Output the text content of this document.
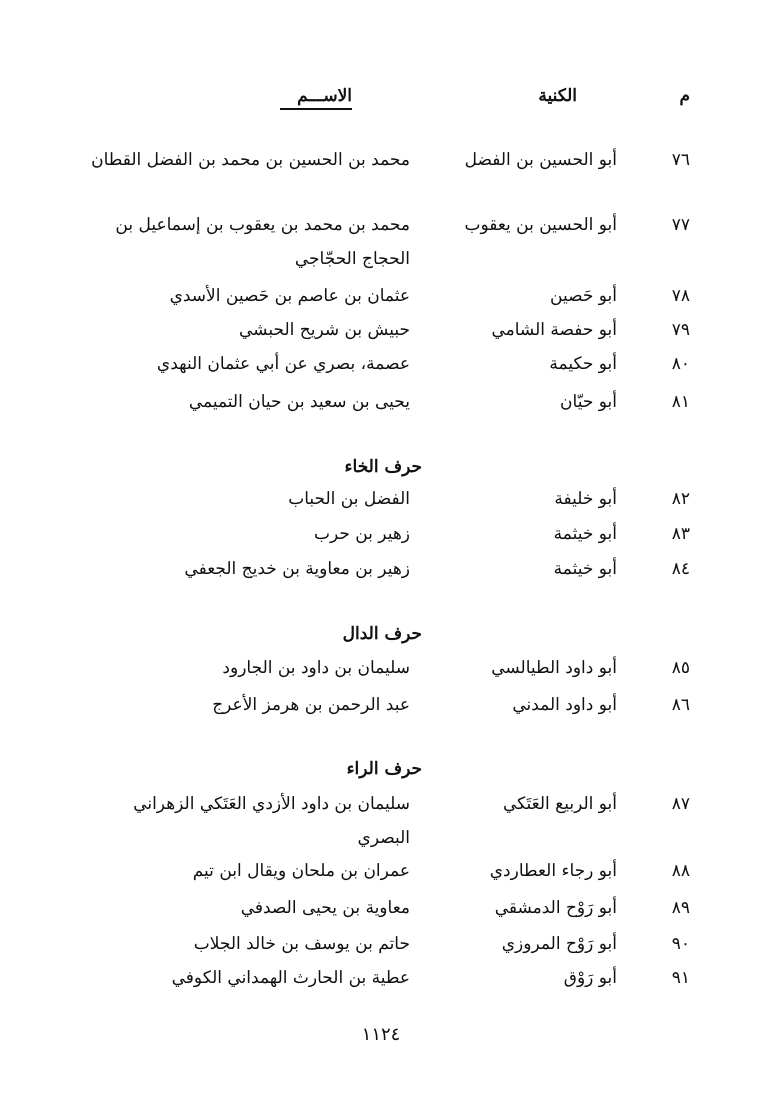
م
الكنية
الاســـم
٧٦
أبو الحسين بن الفضل
محمد بن الحسين بن محمد بن الفضل القطان
٧٧
أبو الحسين بن يعقوب
محمد بن محمد بن يعقوب بن إسماعيل بن الحجاج الحجّاجي
٧٨
أبو حَصين
عثمان بن عاصم بن حَصين الأسدي
٧٩
أبو حفصة الشامي
حبيش بن شريح الحبشي
٨٠
أبو حكيمة
عصمة، بصري عن أبي عثمان النهدي
٨١
أبو حيّان
يحيى بن سعيد بن حيان التميمي
حرف الخاء
٨٢
أبو خليفة
الفضل بن الحباب
٨٣
أبو خيثمة
زهير بن حرب
٨٤
أبو خيثمة
زهير بن معاوية بن خديج الجعفي
حرف الدال
٨٥
أبو داود الطيالسي
سليمان بن داود بن الجارود
٨٦
أبو داود المدني
عبد الرحمن بن هرمز الأعرج
حرف الراء
٨٧
أبو الربيع العَتَكي
سليمان بن داود الأزدي العَتَكي الزهراني البصري
٨٨
أبو رجاء العطاردي
عمران بن ملحان ويقال ابن تيم
٨٩
أبو رَوْح الدمشقي
معاوية بن يحيى الصدفي
٩٠
أبو رَوْح المروزي
حاتم بن يوسف بن خالد الجلاب
٩١
أبو رَوْق
عطية بن الحارث الهمداني الكوفي
١١٢٤
